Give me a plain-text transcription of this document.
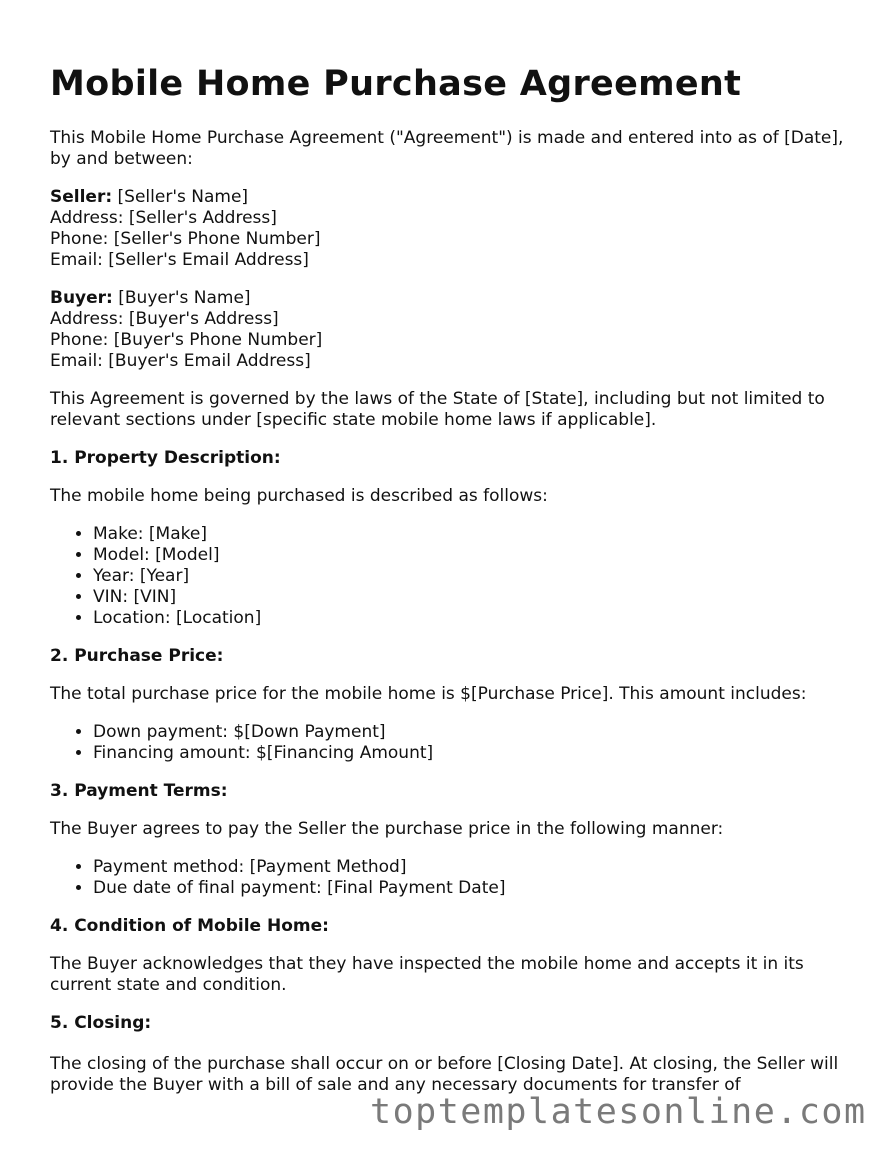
Mobile Home Purchase Agreement

This Mobile Home Purchase Agreement ("Agreement") is made and entered into as of [Date], by and between:

Seller: [Seller's Name]
Address: [Seller's Address]
Phone: [Seller's Phone Number]
Email: [Seller's Email Address]
Buyer: [Buyer's Name]
Address: [Buyer's Address]
Phone: [Buyer's Phone Number]
Email: [Buyer's Email Address]

This Agreement is governed by the laws of the State of [State], including but not limited to relevant sections under [specific state mobile home laws if applicable].

1. Property Description:

The mobile home being purchased is described as follows:

• Make: [Make]
• Model: [Model]
• Year: [Year]
• VIN: [VIN]
• Location: [Location]
2. Purchase Price:

The total purchase price for the mobile home is $[Purchase Price]. This amount includes:

• Down payment: $[Down Payment]
• Financing amount: $[Financing Amount]
3. Payment Terms:

The Buyer agrees to pay the Seller the purchase price in the following manner:

• Payment method: [Payment Method]
• Due date of final payment: [Final Payment Date]
4. Condition of Mobile Home:

The Buyer acknowledges that they have inspected the mobile home and accepts it in its current state and condition.

5. Closing:

The closing of the purchase shall occur on or before [Closing Date]. At closing, the Seller will provide the Buyer with a bill of sale and any necessary documents for transfer of

toptemplatesonline.com
